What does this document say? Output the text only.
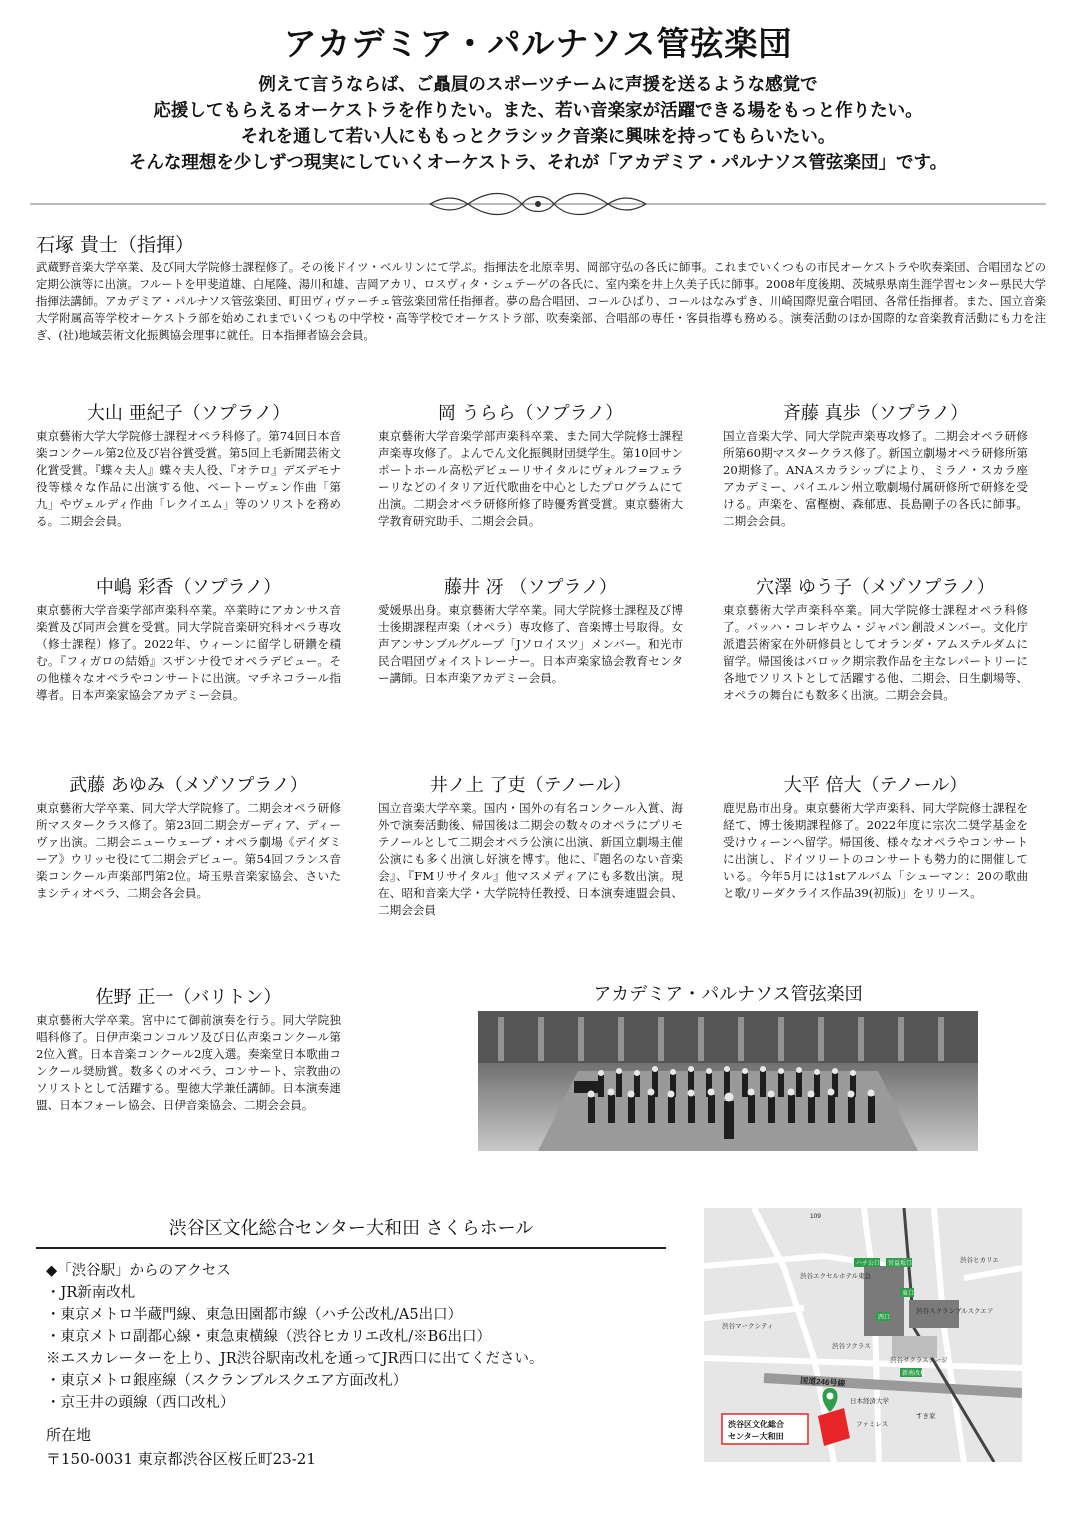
アカデミア・パルナソス管弦楽団
例えて言うならば、ご贔屓のスポーツチームに声援を送るような感覚で
応援してもらえるオーケストラを作りたい。また、若い音楽家が活躍できる場をもっと作りたい。
それを通して若い人にももっとクラシック音楽に興味を持ってもらいたい。
そんな理想を少しずつ現実にしていくオーケストラ、それが「アカデミア・パルナソス管弦楽団」です。
石塚 貴士（指揮）
武蔵野音楽大学卒業、及び同大学院修士課程修了。その後ドイツ・ベルリンにて学ぶ。指揮法を北原幸男、岡部守弘の各氏に師事。これまでいくつもの市民オーケストラや吹奏楽団、合唱団などの定期公演等に出演。フルートを甲斐道雄、白尾隆、湯川和雄、吉岡アカリ、ロスヴィタ・シュテーゲの各氏に、室内楽を井上久美子氏に師事。2008年度後期、茨城県県南生涯学習センター県民大学指揮法講師。アカデミア・パルナソス管弦楽団、町田ヴィヴァーチェ管弦楽団常任指揮者。夢の島合唱団、コールひばり、コールはなみずき、川崎国際児童合唱団、各常任指揮者。また、国立音楽大学附属高等学校オーケストラ部を始めこれまでいくつもの中学校・高等学校でオーケストラ部、吹奏楽部、合唱部の専任・客員指導も務める。演奏活動のほか国際的な音楽教育活動にも力を注ぎ、(社)地域芸術文化振興協会理事に就任。日本指揮者協会会員。
大山 亜紀子（ソプラノ）
東京藝術大学大学院修士課程オペラ科修了。第74回日本音楽コンクール第2位及び岩谷賞受賞。第5回上毛新聞芸術文化賞受賞。『蝶々夫人』蝶々夫人役、『オテロ』デズデモナ役等様々な作品に出演する他、ベートーヴェン作曲「第九」やヴェルディ作曲「レクイエム」等のソリストを務める。二期会会員。
岡 うらら（ソプラノ）
東京藝術大学音楽学部声楽科卒業、また同大学院修士課程声楽専攻修了。よんでん文化振興財団奨学生。第10回サンポートホール高松デビューリサイタルにヴォルフ=フェラーリなどのイタリア近代歌曲を中心としたプログラムにて出演。二期会オペラ研修所修了時優秀賞受賞。東京藝術大学教育研究助手、二期会会員。
斉藤 真歩（ソプラノ）
国立音楽大学、同大学院声楽専攻修了。二期会オペラ研修所第60期マスタークラス修了。新国立劇場オペラ研修所第20期修了。ANAスカラシップにより、ミラノ・スカラ座アカデミー、バイエルン州立歌劇場付属研修所で研修を受ける。声楽を、富樫樹、森郁恵、長島剛子の各氏に師事。二期会会員。
中嶋 彩香（ソプラノ）
東京藝術大学音楽学部声楽科卒業。卒業時にアカンサス音楽賞及び同声会賞を受賞。同大学院音楽研究科オペラ専攻（修士課程）修了。2022年、ウィーンに留学し研鑽を積む。『フィガロの結婚』スザンナ役でオペラデビュー。その他様々なオペラやコンサートに出演。マチネコラール指導者。日本声楽家協会アカデミー会員。
藤井 冴 （ソプラノ）
愛媛県出身。東京藝術大学卒業。同大学院修士課程及び博士後期課程声楽（オペラ）専攻修了、音楽博士号取得。女声アンサンブルグループ「Jソロイスツ」メンバー。和光市民合唱団ヴォイストレーナー。日本声楽家協会教育センター講師。日本声楽アカデミー会員。
穴澤 ゆう子（メゾソプラノ）
東京藝術大学声楽科卒業。同大学院修士課程オペラ科修了。バッハ・コレギウム・ジャパン創設メンバー。文化庁派遣芸術家在外研修員としてオランダ・アムステルダムに留学。帰国後はバロック期宗教作品を主なレパートリーに各地でソリストとして活躍する他、二期会、日生劇場等、オペラの舞台にも数多く出演。二期会会員。
武藤 あゆみ（メゾソプラノ）
東京藝術大学卒業、同大学大学院修了。二期会オペラ研修所マスタークラス修了。第23回二期会ガーディア、ディーヴァ出演。二期会ニューウェーブ・オペラ劇場《デイダミーア》ウリッセ役にて二期会デビュー。第54回フランス音楽コンクール声楽部門第2位。埼玉県音楽家協会、さいたまシティオペラ、二期会各会員。
井ノ上 了吏（テノール）
国立音楽大学卒業。国内・国外の有名コンクール入賞、海外で演奏活動後、帰国後は二期会の数々のオペラにプリモテノールとして二期会オペラ公演に出演、新国立劇場主催公演にも多く出演し好演を博す。他に、『題名のない音楽会』、『FMリサイタル』他マスメディアにも多数出演。現在、昭和音楽大学・大学院特任教授、日本演奏連盟会員、二期会会員
大平 倍大（テノール）
鹿児島市出身。東京藝術大学声楽科、同大学院修士課程を経て、博士後期課程修了。2022年度に宗次二奨学基金を受けウィーンへ留学。帰国後、様々なオペラやコンサートに出演し、ドイツリートのコンサートも勢力的に開催している。今年5月には1stアルバム「シューマン：20の歌曲と歌/リーダクライス作品39(初版)」をリリース。
佐野 正一（バリトン）
東京藝術大学卒業。宮中にて御前演奏を行う。同大学院独唱科修了。日伊声楽コンコルソ及び日仏声楽コンクール第2位入賞。日本音楽コンクール2度入選。奏楽堂日本歌曲コンクール奨励賞。数多くのオペラ、コンサート、宗教曲のソリストとして活躍する。聖徳大学兼任講師。日本演奏連盟、日本フォーレ協会、日伊音楽協会、二期会会員。
アカデミア・パルナソス管弦楽団
渋谷区文化総合センター大和田 さくらホール
◆「渋谷駅」からのアクセス
・JR新南改札
・東京メトロ半蔵門線、東急田園都市線（ハチ公改札/A5出口）
・東京メトロ副都心線・東急東横線（渋谷ヒカリエ改札/※B6出口）
※エスカレーターを上り、JR渋谷駅南改札を通ってJR西口に出てください。
・東京メトロ銀座線（スクランブルスクエア方面改札）
・京王井の頭線（西口改札）
所在地
〒150-0031 東京都渋谷区桜丘町23-21
109
渋谷ヒカリエ
渋谷エクセルホテル東急
渋谷マークシティ
渋谷フクラス
渋谷スクランブルスクエア
渋谷サクラステージ
日本経済大学
すき家
ファミレス
国道246号線
ハチ公口 宮益坂口
東口
西口
新南改札
渋谷区文化総合
センター大和田
